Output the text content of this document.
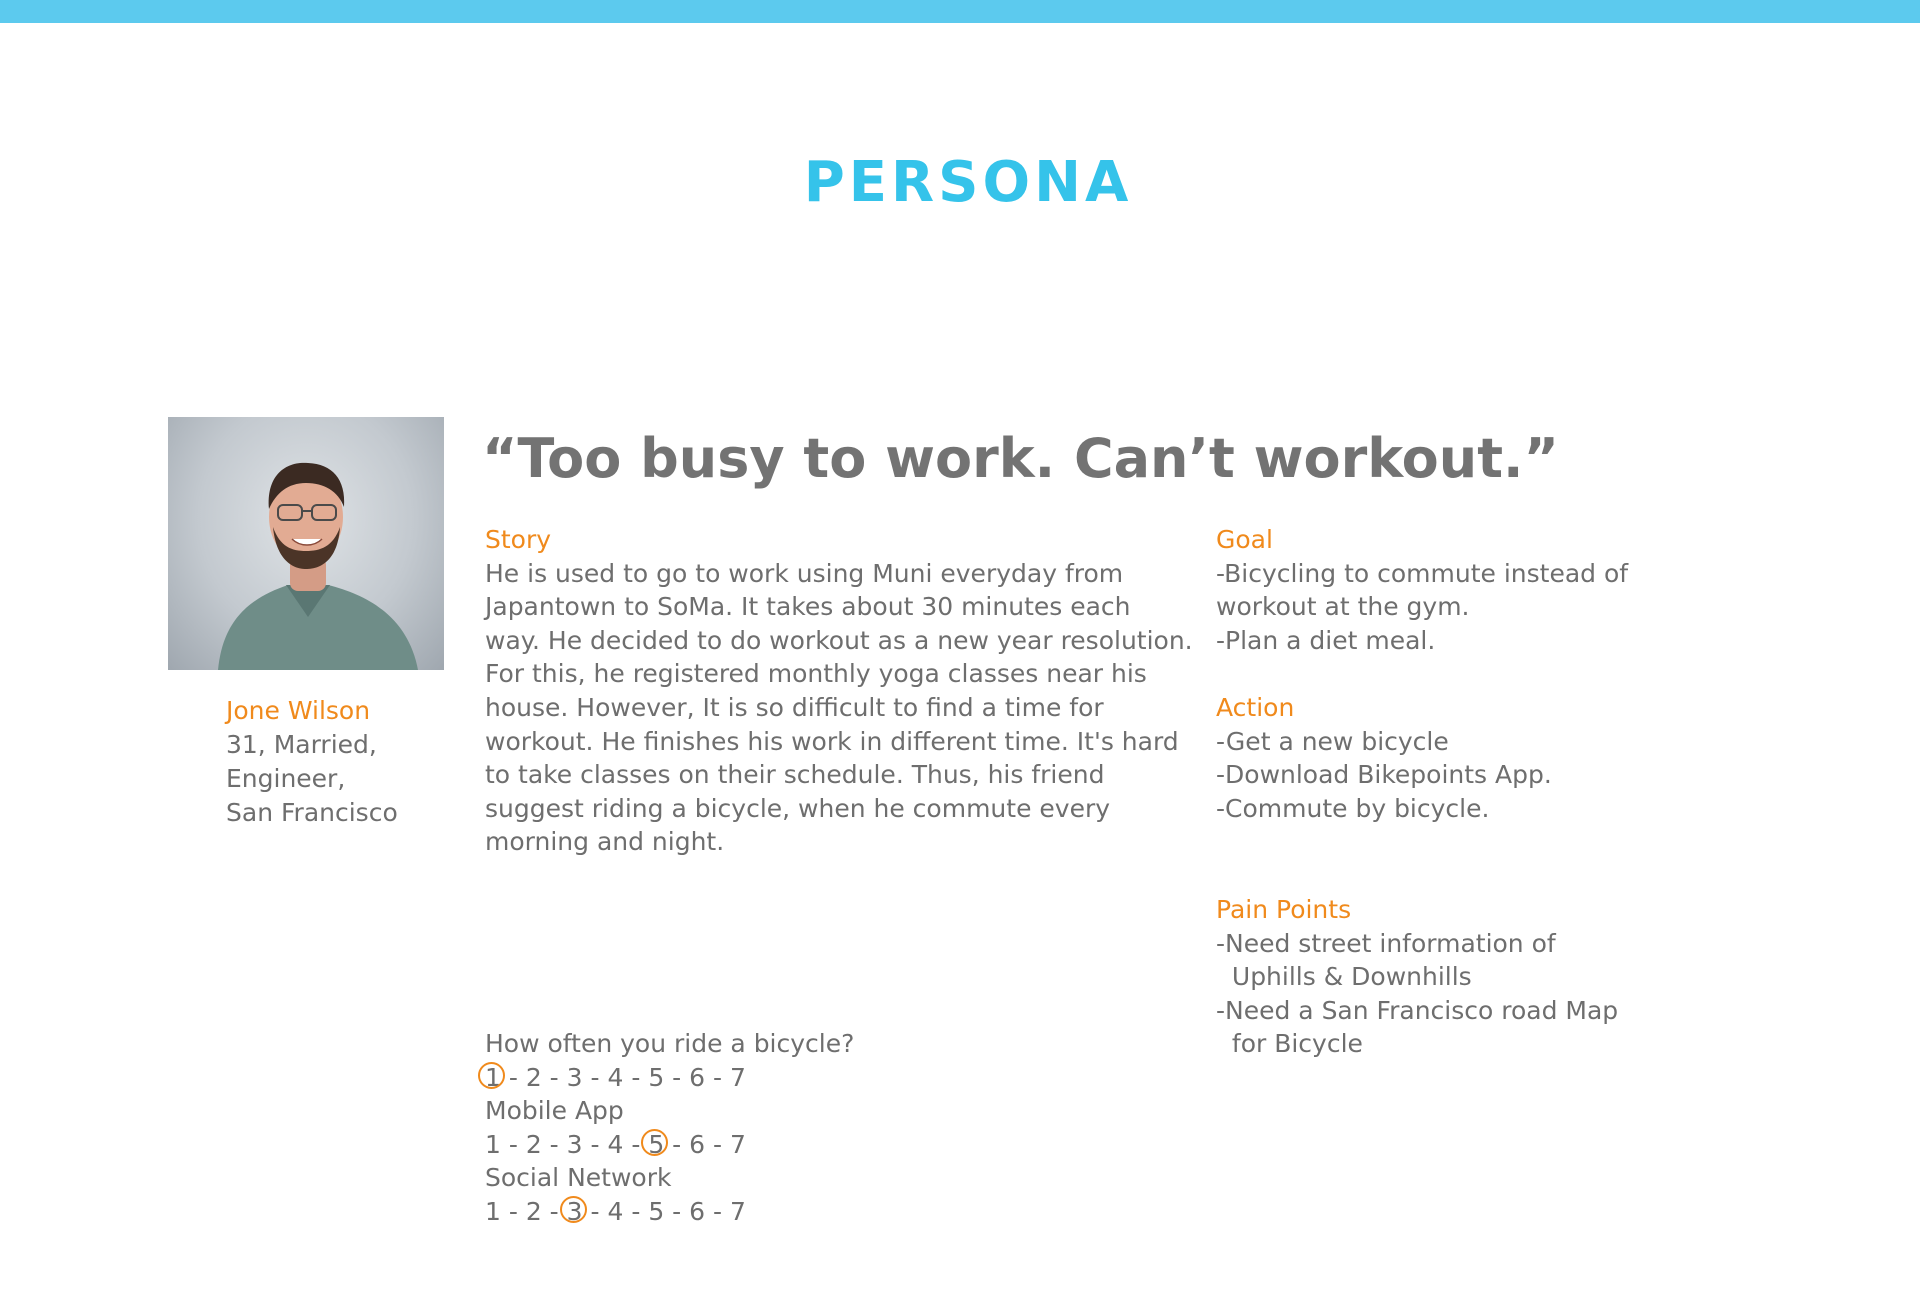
PERSONA
Jone Wilson
31, Married,
Engineer,
San Francisco
“Too busy to work. Can’t workout.”
Story
He is used to go to work using Muni everyday from
Japantown to SoMa. It takes about 30 minutes each
way. He decided to do workout as a new year resolution.
For this, he registered monthly yoga classes near his
house. However, It is so difficult to find a time for
workout. He finishes his work in different time. It's hard
to take classes on their schedule. Thus, his friend
suggest riding a bicycle, when he commute every
morning and night.
Goal
-Bicycling to commute instead of
workout at the gym.
-Plan a diet meal.
Action
-Get a new bicycle
-Download Bikepoints App.
-Commute by bicycle.
Pain Points
-Need street information of
Uphills & Downhills
-Need a San Francisco road Map
for Bicycle
How often you ride a bicycle?
1 - 2 - 3 - 4 - 5 - 6 - 7
Mobile App
1 - 2 - 3 - 4 - 5 - 6 - 7
Social Network
1 - 2 - 3 - 4 - 5 - 6 - 7
